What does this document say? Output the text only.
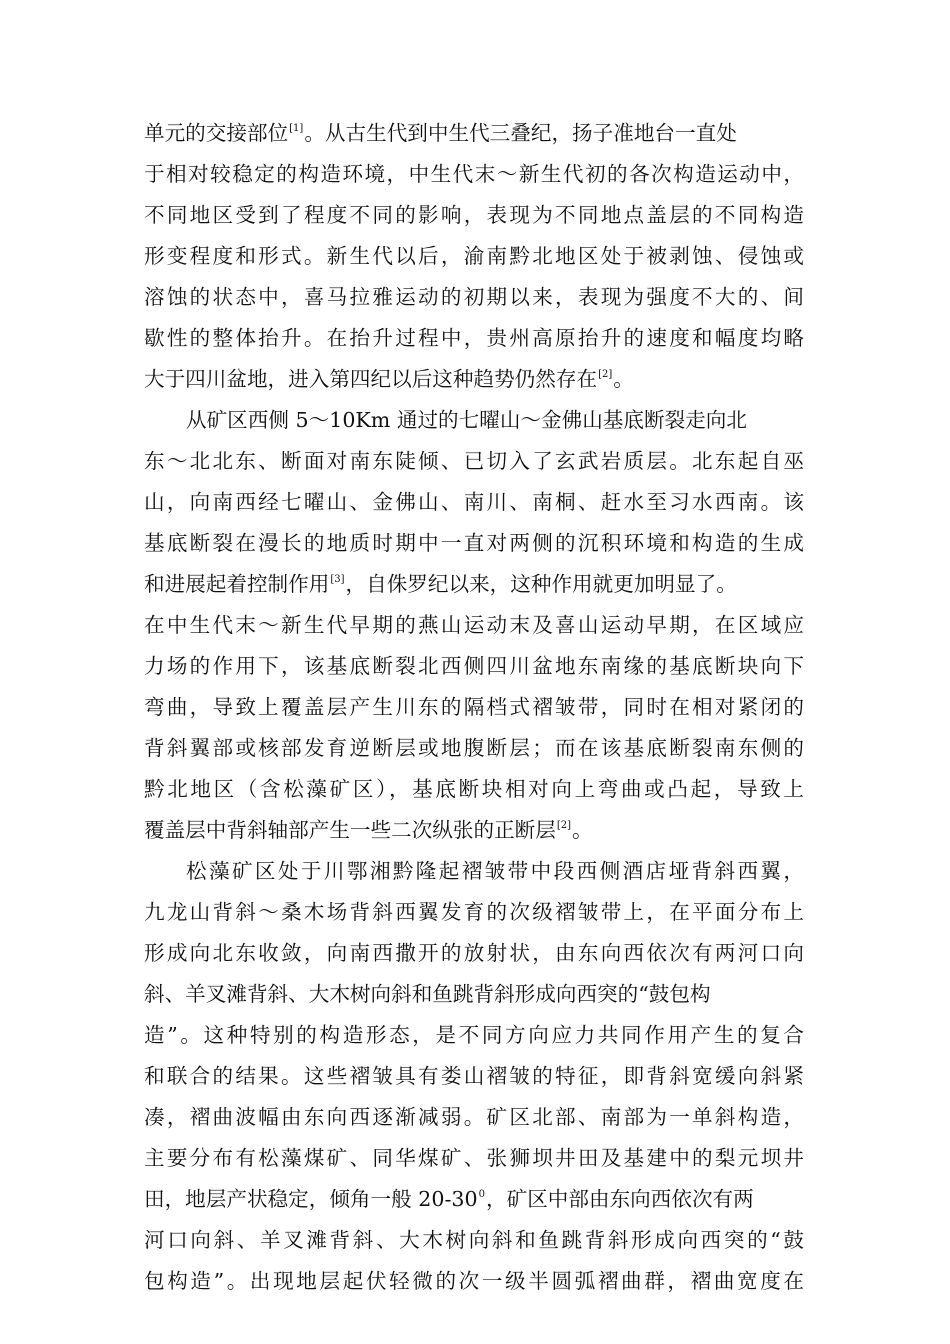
单元的交接部位[1]。从古生代到中生代三叠纪，扬子准地台一直处
于相对较稳定的构造环境，中生代末～新生代初的各次构造运动中，
不同地区受到了程度不同的影响，表现为不同地点盖层的不同构造
形变程度和形式。新生代以后，渝南黔北地区处于被剥蚀、侵蚀或
溶蚀的状态中，喜马拉雅运动的初期以来，表现为强度不大的、间
歇性的整体抬升。在抬升过程中，贵州高原抬升的速度和幅度均略
大于四川盆地，进入第四纪以后这种趋势仍然存在[2]。
从矿区西侧 5～10Km 通过的七曜山～金佛山基底断裂走向北
东～北北东、断面对南东陡倾、已切入了玄武岩质层。北东起自巫
山，向南西经七曜山、金佛山、南川、南桐、赶水至习水西南。该
基底断裂在漫长的地质时期中一直对两侧的沉积环境和构造的生成
和进展起着控制作用[3]，自侏罗纪以来，这种作用就更加明显了。
在中生代末～新生代早期的燕山运动末及喜山运动早期，在区域应
力场的作用下，该基底断裂北西侧四川盆地东南缘的基底断块向下
弯曲，导致上覆盖层产生川东的隔档式褶皱带，同时在相对紧闭的
背斜翼部或核部发育逆断层或地腹断层；而在该基底断裂南东侧的
黔北地区（含松藻矿区），基底断块相对向上弯曲或凸起，导致上
覆盖层中背斜轴部产生一些二次纵张的正断层[2]。
松藻矿区处于川鄂湘黔隆起褶皱带中段西侧酒店垭背斜西翼，
九龙山背斜～桑木场背斜西翼发育的次级褶皱带上，在平面分布上
形成向北东收敛，向南西撒开的放射状，由东向西依次有两河口向
斜、羊叉滩背斜、大木树向斜和鱼跳背斜形成向西突的“鼓包构
造”。这种特别的构造形态，是不同方向应力共同作用产生的复合
和联合的结果。这些褶皱具有娄山褶皱的特征，即背斜宽缓向斜紧
凑，褶曲波幅由东向西逐渐减弱。矿区北部、南部为一单斜构造，
主要分布有松藻煤矿、同华煤矿、张狮坝井田及基建中的梨元坝井
田，地层产状稳定，倾角一般 $20-30^0$，矿区中部由东向西依次有两
河口向斜、羊叉滩背斜、大木树向斜和鱼跳背斜形成向西突的“鼓
包构造”。出现地层起伏轻微的次一级半圆弧褶曲群，褶曲宽度在
